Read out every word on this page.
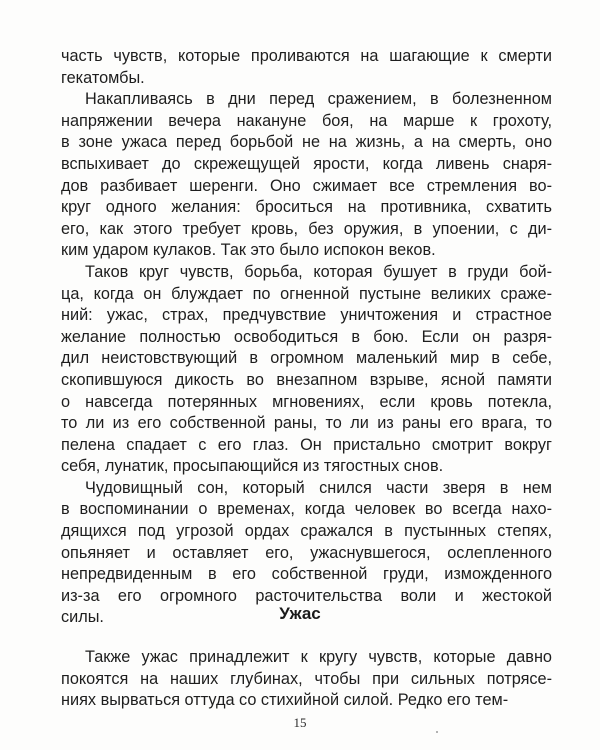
часть чувств, которые проливаются на шагающие к смерти
гекатомбы.
Накапливаясь в дни перед сражением, в болезненном
напряжении вечера накануне боя, на марше к грохоту,
в зоне ужаса перед борьбой не на жизнь, а на смерть, оно
вспыхивает до скрежещущей ярости, когда ливень снаря-
дов разбивает шеренги. Оно сжимает все стремления во-
круг одного желания: броситься на противника, схватить
его, как этого требует кровь, без оружия, в упоении, с ди-
ким ударом кулаков. Так это было испокон веков.
Таков круг чувств, борьба, которая бушует в груди бой-
ца, когда он блуждает по огненной пустыне великих сраже-
ний: ужас, страх, предчувствие уничтожения и страстное
желание полностью освободиться в бою. Если он разря-
дил неистовствующий в огромном маленький мир в себе,
скопившуюся дикость во внезапном взрыве, ясной памяти
о навсегда потерянных мгновениях, если кровь потекла,
то ли из его собственной раны, то ли из раны его врага, то
пелена спадает с его глаз. Он пристально смотрит вокруг
себя, лунатик, просыпающийся из тягостных снов.
Чудовищный сон, который снился части зверя в нем
в воспоминании о временах, когда человек во всегда нахо-
дящихся под угрозой ордах сражался в пустынных степях,
опьяняет и оставляет его, ужаснувшегося, ослепленного
непредвиденным в его собственной груди, изможденного
из-за его огромного расточительства воли и жестокой
силы.	Ужас
Также ужас принадлежит к кругу чувств, которые давно
покоятся на наших глубинах, чтобы при сильных потрясе-
ниях вырваться оттуда со стихийной силой. Редко его тем-
15
